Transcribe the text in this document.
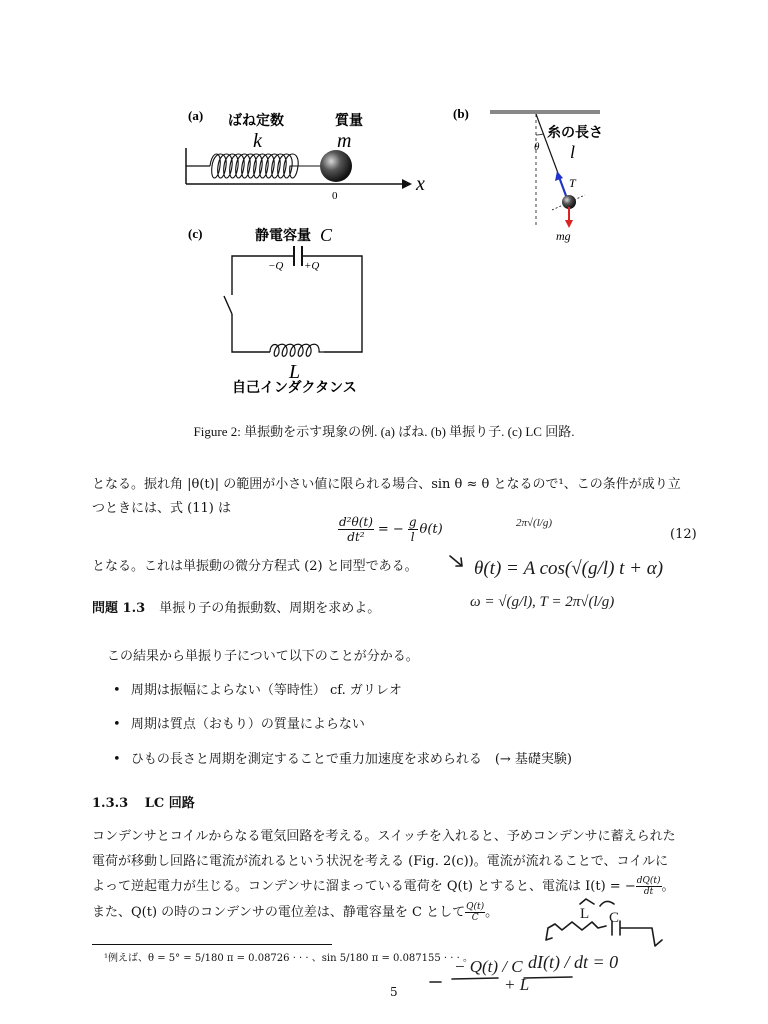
(a) ばね定数
k
質量
m
x
0
(b)
θ
糸の長さ
l
T
mg
(c)	静電容量 C
−Q +Q
L
自己インダクタンス
Figure 2: 単振動を示す現象の例. (a) ばね. (b) 単振り子. (c) LC 回路.
となる。振れ角 |θ(t)| の範囲が小さい値に限られる場合、sin θ ≈ θ となるので¹、この条件が成り立
つときには、式 (11) は
$\frac{\text{d²θ(t)}}{\text{dt²}}$ = − $\frac{g}{l} \theta(t)$	(12)
となる。これは単振動の微分方程式 (2) と同型である。
問題 1.3 単振り子の角振動数、周期を求めよ。
この結果から単振り子について以下のことが分かる。
• 周期は振幅によらない（等時性） cf. ガリレオ
• 周期は質点（おもり）の質量によらない
• ひもの長さと周期を測定することで重力加速度を求められる　(→ 基礎実験)
1.3.3 LC 回路
コンデンサとコイルからなる電気回路を考える。スイッチを入れると、予めコンデンサに蓄えられた
電荷が移動し回路に電流が流れるという状況を考える (Fig. 2(c))。電流が流れることで、コイルに
よって逆起電力が生じる。コンデンサに溜まっている電荷を Q(t) とすると、電流は I(t) = − $\frac{dQ(t)}{dt}$ 。
また、Q(t) の時のコンデンサの電位差は、静電容量を C として $\frac{Q(t)}{C}$ 。
¹例えば、θ = 5° = 5/180 π = 0.08726 · · · 、sin 5/180 π = 0.087155 · · · 。
5
2π√(l/g)
θ(t) = A cos(√(g/l) t + α)
ω = √(g/l) , T = 2π√(l/g)
L C
− Q(t) / C
+ L
dI(t) / dt = 0
